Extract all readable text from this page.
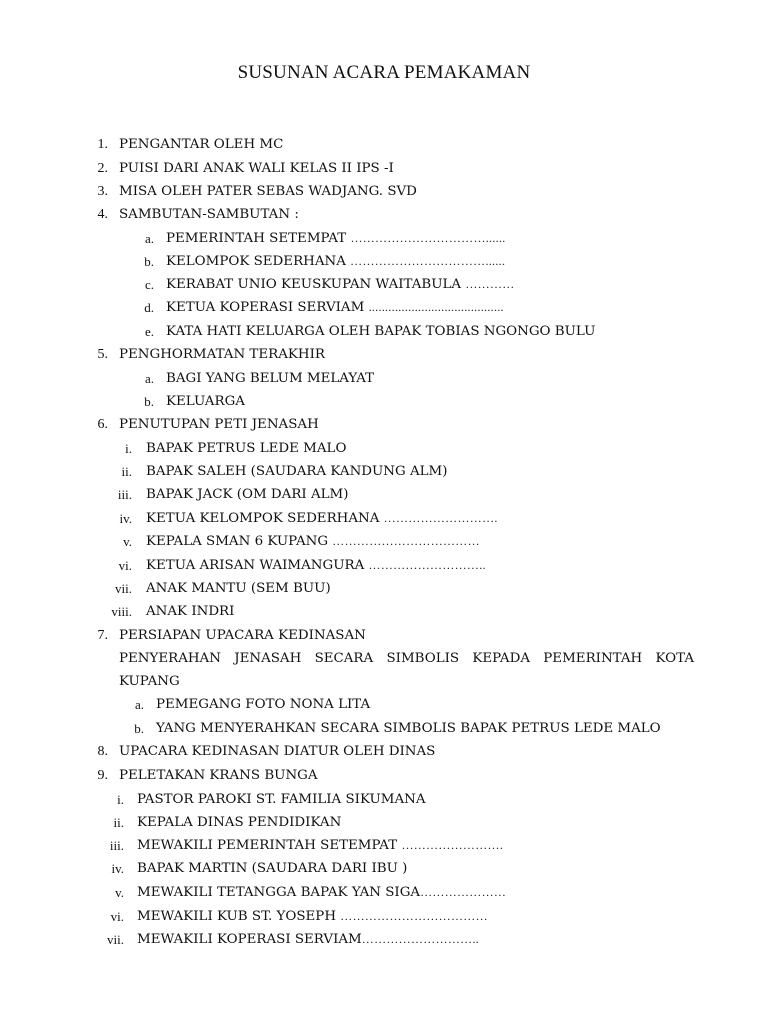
SUSUNAN ACARA PEMAKAMAN
1. PENGANTAR OLEH MC
2. PUISI DARI ANAK WALI KELAS II IPS -I
3. MISA OLEH PATER SEBAS WADJANG. SVD
4. SAMBUTAN-SAMBUTAN :
a. PEMERINTAH SETEMPAT ……………………………......
b. KELOMPOK SEDERHANA ……………………………......
c. KERABAT UNIO KEUSKUPAN WAITABULA …………
d. KETUA KOPERASI SERVIAM .........................................
e. KATA HATI KELUARGA OLEH BAPAK TOBIAS NGONGO BULU
5. PENGHORMATAN TERAKHIR
a. BAGI YANG BELUM MELAYAT
b. KELUARGA
6. PENUTUPAN PETI JENASAH
i. BAPAK PETRUS LEDE MALO
ii. BAPAK SALEH (SAUDARA KANDUNG ALM)
iii. BAPAK JACK (OM DARI ALM)
iv. KETUA KELOMPOK SEDERHANA ……………………….
v. KEPALA SMAN 6 KUPANG ………………………………
vi. KETUA ARISAN WAIMANGURA ………………………..
vii. ANAK MANTU (SEM BUU)
viii. ANAK INDRI
7. PERSIAPAN UPACARA KEDINASAN
PENYERAHAN JENASAH SECARA SIMBOLIS KEPADA PEMERINTAH KOTA
KUPANG
a. PEMEGANG FOTO NONA LITA
b. YANG MENYERAHKAN SECARA SIMBOLIS BAPAK PETRUS LEDE MALO
8. UPACARA KEDINASAN DIATUR OLEH DINAS
9. PELETAKAN KRANS BUNGA
i. PASTOR PAROKI ST. FAMILIA SIKUMANA
ii. KEPALA DINAS PENDIDIKAN
iii. MEWAKILI PEMERINTAH SETEMPAT …………………….
iv. BAPAK MARTIN (SAUDARA DARI IBU )
v. MEWAKILI TETANGGA BAPAK YAN SIGA…………………
vi. MEWAKILI KUB ST. YOSEPH ………………………………
vii. MEWAKILI KOPERASI SERVIAM………………………..
